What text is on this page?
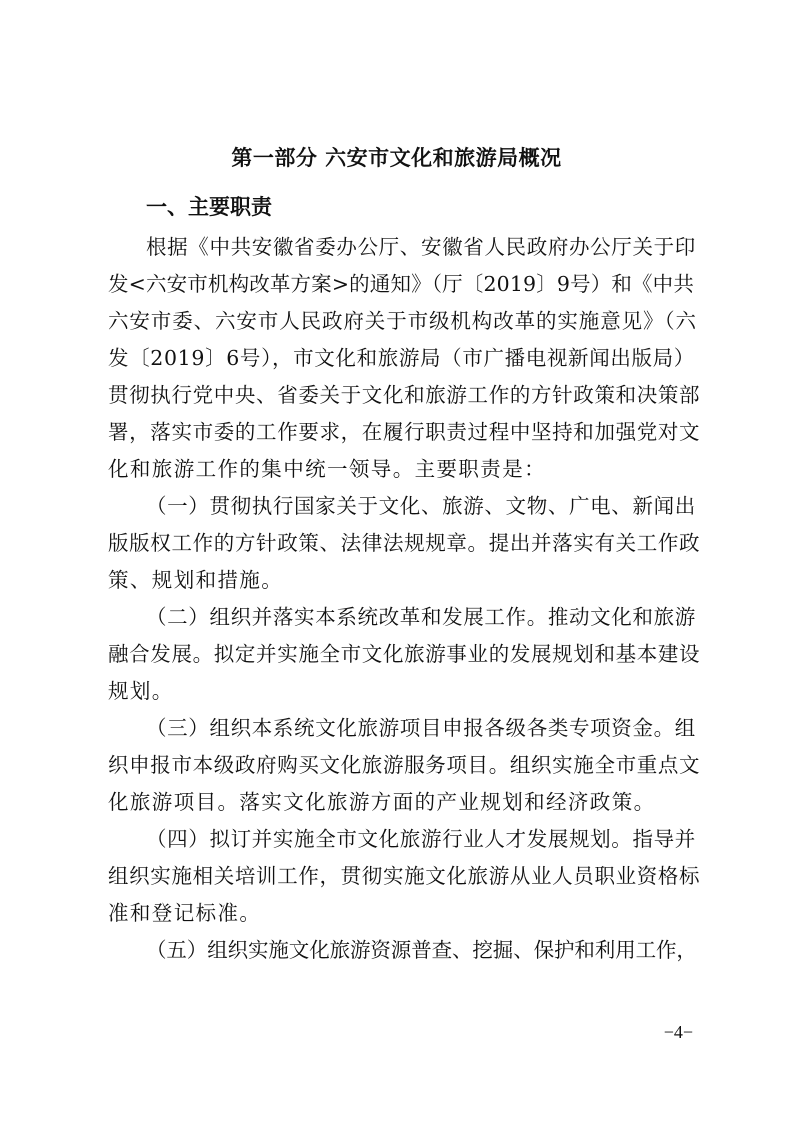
第一部分 六安市文化和旅游局概况
一、主要职责
根据《中共安徽省委办公厅、安徽省人民政府办公厅关于印
发<六安市机构改革方案>的通知》（厅〔2019〕9号）和《中共
六安市委、六安市人民政府关于市级机构改革的实施意见》（六
发〔2019〕6号），市文化和旅游局（市广播电视新闻出版局）
贯彻执行党中央、省委关于文化和旅游工作的方针政策和决策部
署，落实市委的工作要求，在履行职责过程中坚持和加强党对文
化和旅游工作的集中统一领导。主要职责是：
（一）贯彻执行国家关于文化、旅游、文物、广电、新闻出
版版权工作的方针政策、法律法规规章。提出并落实有关工作政
策、规划和措施。
（二）组织并落实本系统改革和发展工作。推动文化和旅游
融合发展。拟定并实施全市文化旅游事业的发展规划和基本建设
规划。
（三）组织本系统文化旅游项目申报各级各类专项资金。组
织申报市本级政府购买文化旅游服务项目。组织实施全市重点文
化旅游项目。落实文化旅游方面的产业规划和经济政策。
（四）拟订并实施全市文化旅游行业人才发展规划。指导并
组织实施相关培训工作，贯彻实施文化旅游从业人员职业资格标
准和登记标准。
（五）组织实施文化旅游资源普查、挖掘、保护和利用工作，
−4−
